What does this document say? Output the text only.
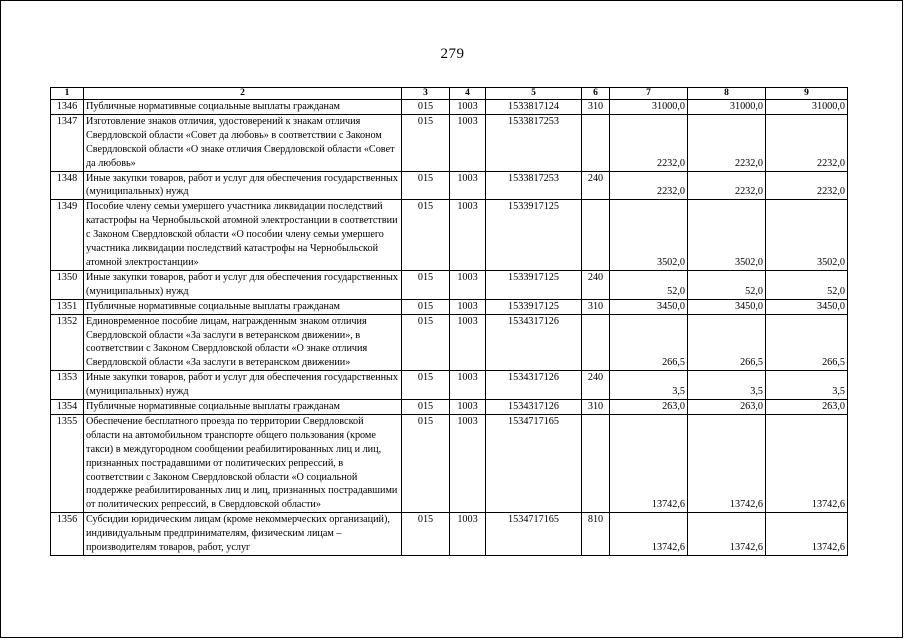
279
1	2	3	4	5	6	7	8	9
1346	Публичные нормативные социальные выплаты гражданам	015	1003	1533817124	310	31000,0	31000,0	31000,0
1347	Изготовление знаков отличия, удостоверений к знакам отличия Свердловской области «Совет да любовь» в соответствии с Законом Свердловской области «О знаке отличия Свердловской области «Совет да любовь»	015	1003	1533817253		2232,0	2232,0	2232,0
1348	Иные закупки товаров, работ и услуг для обеспечения государственных (муниципальных) нужд	015	1003	1533817253	240	2232,0	2232,0	2232,0
1349	Пособие члену семьи умершего участника ликвидации последствий катастрофы на Чернобыльской атомной электростанции в соответствии с Законом Свердловской области «О пособии члену семьи умершего участника ликвидации последствий катастрофы на Чернобыльской атомной электростанции»	015	1003	1533917125		3502,0	3502,0	3502,0
1350	Иные закупки товаров, работ и услуг для обеспечения государственных (муниципальных) нужд	015	1003	1533917125	240	52,0	52,0	52,0
1351	Публичные нормативные социальные выплаты гражданам	015	1003	1533917125	310	3450,0	3450,0	3450,0
1352	Единовременное пособие лицам, награжденным знаком отличия Свердловской области «За заслуги в ветеранском движении», в соответствии с Законом Свердловской области «О знаке отличия Свердловской области «За заслуги в ветеранском движении»	015	1003	1534317126		266,5	266,5	266,5
1353	Иные закупки товаров, работ и услуг для обеспечения государственных (муниципальных) нужд	015	1003	1534317126	240	3,5	3,5	3,5
1354	Публичные нормативные социальные выплаты гражданам	015	1003	1534317126	310	263,0	263,0	263,0
1355	Обеспечение бесплатного проезда по территории Свердловской области на автомобильном транспорте общего пользования (кроме такси) в междугородном сообщении реабилитированных лиц и лиц, признанных пострадавшими от политических репрессий, в соответствии с Законом Свердловской области «О социальной поддержке реабилитированных лиц и лиц, признанных пострадавшими от политических репрессий, в Свердловской области»	015	1003	1534717165		13742,6	13742,6	13742,6
1356	Субсидии юридическим лицам (кроме некоммерческих организаций), индивидуальным предпринимателям, физическим лицам – производителям товаров, работ, услуг	015	1003	1534717165	810	13742,6	13742,6	13742,6
